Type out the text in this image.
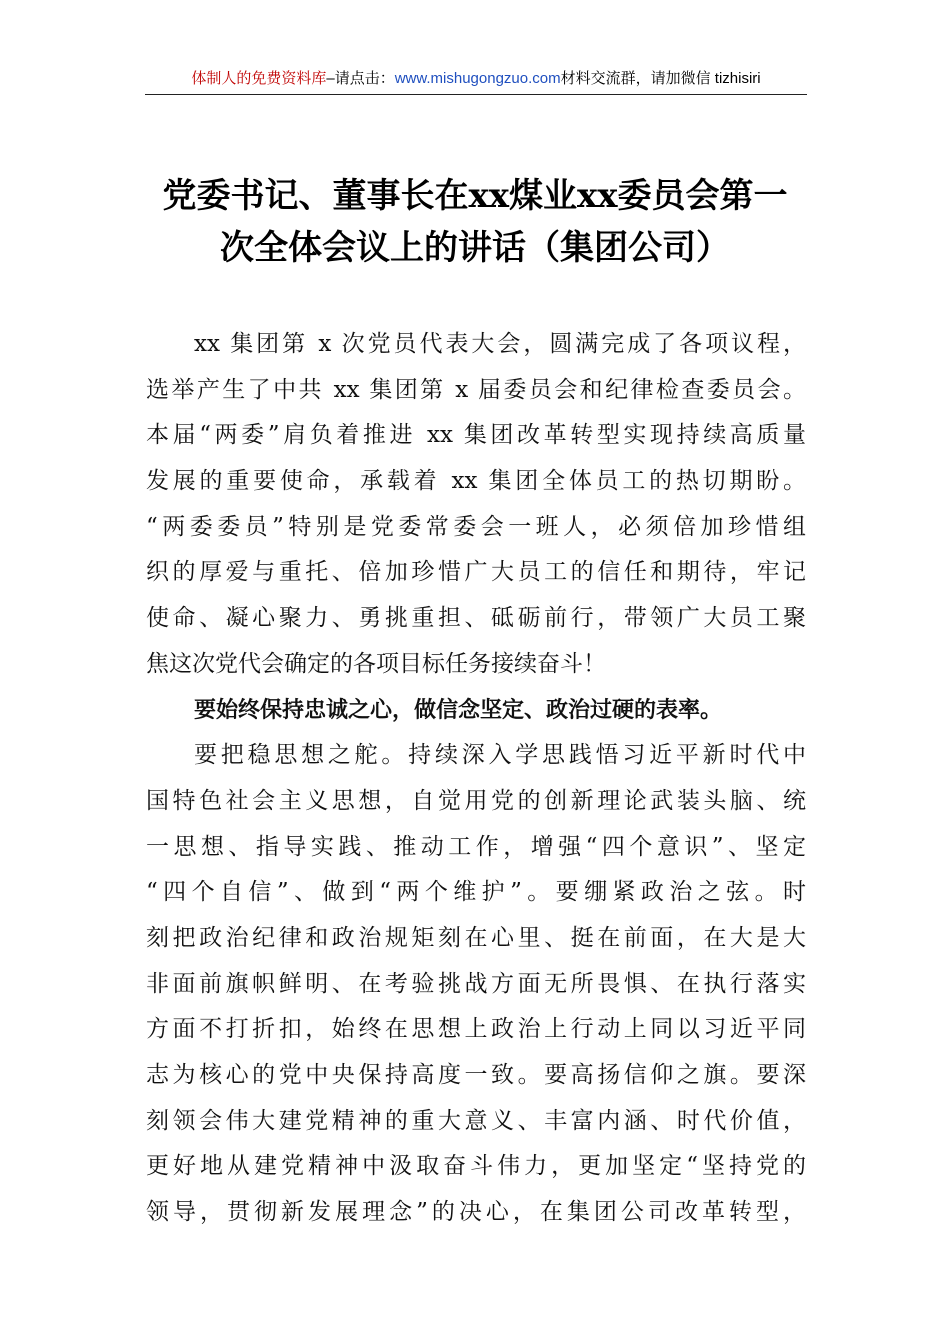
体制人的免费资料库–请点击：www.mishugongzuo.com材料交流群，请加微信 tizhisiri
党委书记、董事长在xx煤业xx委员会第一
次全体会议上的讲话（集团公司）
xx 集团第 x 次党员代表大会，圆满完成了各项议程，
选举产生了中共 xx 集团第 x 届委员会和纪律检查委员会。
本届“两委”肩负着推进 xx 集团改革转型实现持续高质量
发展的重要使命，承载着 xx 集团全体员工的热切期盼。
“两委委员”特别是党委常委会一班人，必须倍加珍惜组
织的厚爱与重托、倍加珍惜广大员工的信任和期待，牢记
使命、凝心聚力、勇挑重担、砥砺前行，带领广大员工聚
焦这次党代会确定的各项目标任务接续奋斗！
要始终保持忠诚之心，做信念坚定、政治过硬的表率。
要把稳思想之舵。持续深入学思践悟习近平新时代中
国特色社会主义思想，自觉用党的创新理论武装头脑、统
一思想、指导实践、推动工作，增强“四个意识”、坚定
“四个自信”、做到“两个维护”。要绷紧政治之弦。时
刻把政治纪律和政治规矩刻在心里、挺在前面，在大是大
非面前旗帜鲜明、在考验挑战方面无所畏惧、在执行落实
方面不打折扣，始终在思想上政治上行动上同以习近平同
志为核心的党中央保持高度一致。要高扬信仰之旗。要深
刻领会伟大建党精神的重大意义、丰富内涵、时代价值，
更好地从建党精神中汲取奋斗伟力，更加坚定“坚持党的
领导，贯彻新发展理念”的决心，在集团公司改革转型，
